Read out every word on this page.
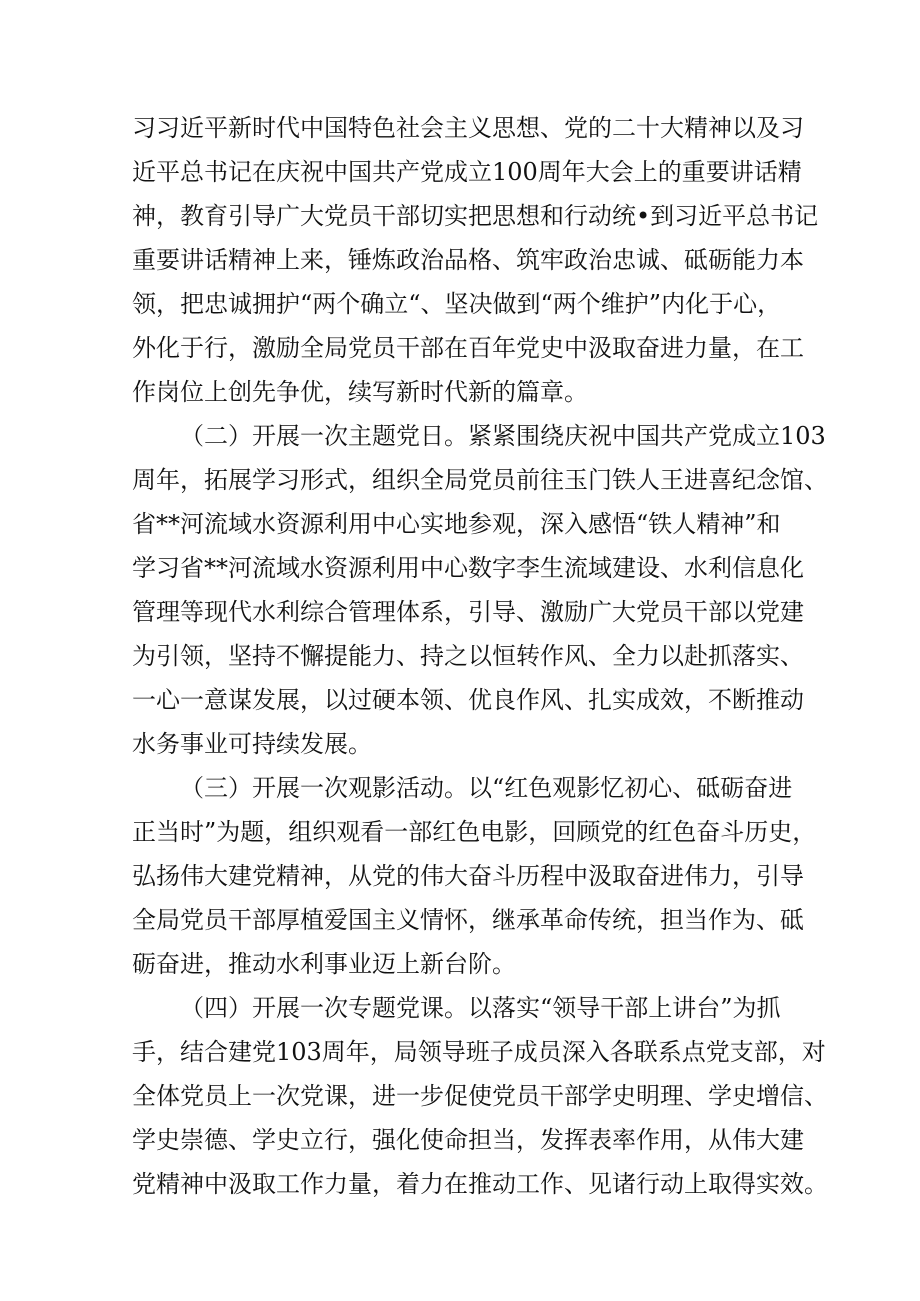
习习近平新时代中国特色社会主义思想、党的二十大精神以及习
近平总书记在庆祝中国共产党成立100周年大会上的重要讲话精
神，教育引导广大党员干部切实把思想和行动统•到习近平总书记
重要讲话精神上来，锤炼政治品格、筑牢政治忠诚、砥砺能力本
领，把忠诚拥护“两个确立“、坚决做到“两个维护”内化于心，
外化于行，激励全局党员干部在百年党史中汲取奋进力量，在工
作岗位上创先争优，续写新时代新的篇章。
（二）开展一次主题党日。紧紧围绕庆祝中国共产党成立103
周年，拓展学习形式，组织全局党员前往玉门铁人王进喜纪念馆、
省**河流域水资源利用中心实地参观，深入感悟“铁人精神”和
学习省**河流域水资源利用中心数字李生流域建设、水利信息化
管理等现代水利综合管理体系，引导、激励广大党员干部以党建
为引领，坚持不懈提能力、持之以恒转作风、全力以赴抓落实、
一心一意谋发展，以过硬本领、优良作风、扎实成效，不断推动
水务事业可持续发展。
（三）开展一次观影活动。以“红色观影忆初心、砥砺奋进
正当时”为题，组织观看一部红色电影，回顾党的红色奋斗历史，
弘扬伟大建党精神，从党的伟大奋斗历程中汲取奋进伟力，引导
全局党员干部厚植爱国主义情怀，继承革命传统，担当作为、砥
砺奋进，推动水利事业迈上新台阶。
（四）开展一次专题党课。以落实“领导干部上讲台”为抓
手，结合建党103周年，局领导班子成员深入各联系点党支部，对
全体党员上一次党课，进一步促使党员干部学史明理、学史增信、
学史崇德、学史立行，强化使命担当，发挥表率作用，从伟大建
党精神中汲取工作力量，着力在推动工作、见诸行动上取得实效。
